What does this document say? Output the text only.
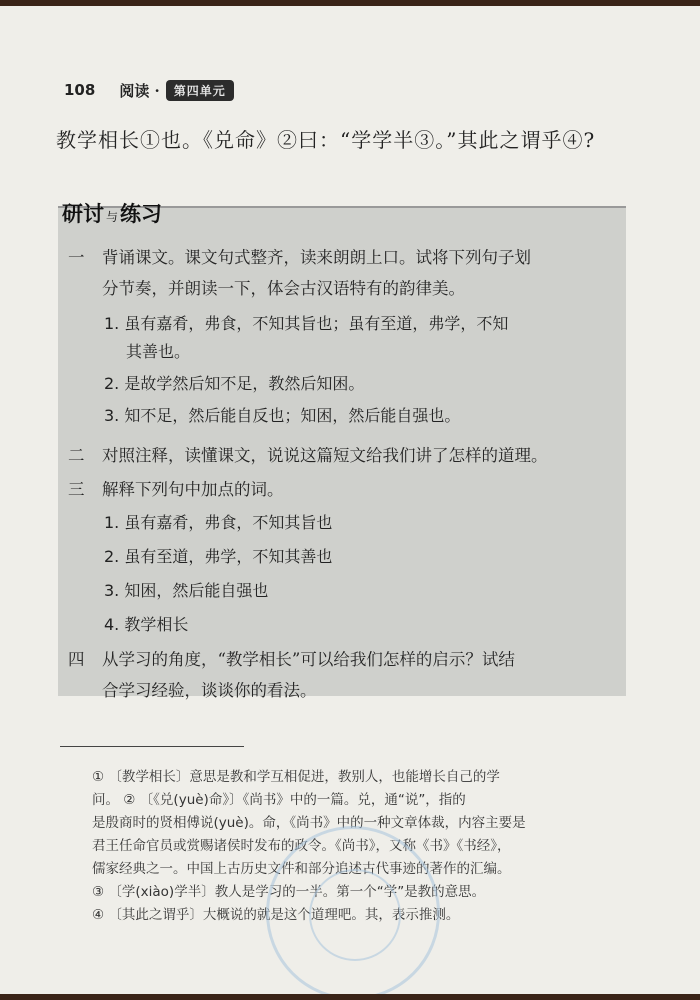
108 阅读 ·	第四单元
教学相长①也。《兑命》②曰：“学学半③。”其此之谓乎④?
研讨 与练习
一	背诵课文。课文句式整齐，读来朗朗上口。试将下列句子划
分节奏，并朗读一下，体会古汉语特有的韵律美。
1. 虽有嘉肴，弗食，不知其旨也；虽有至道，弗学，不知
其善也。
2. 是故学然后知不足，教然后知困。
3. 知不足，然后能自反也；知困，然后能自强也。
二	对照注释，读懂课文，说说这篇短文给我们讲了怎样的道理。
三	解释下列句中加点的词。
1. 虽有嘉肴，弗食，不知其旨也
2. 虽有至道，弗学，不知其善也
3. 知困，然后能自强也
4. 教学相长
四	从学习的角度，“教学相长”可以给我们怎样的启示？试结
合学习经验，谈谈你的看法。
① 〔教学相长〕意思是教和学互相促进，教别人，也能增长自己的学
问。 ② 〔《兑(yuè)命》〕《尚书》中的一篇。兑，通“说”，指的
是殷商时的贤相傅说(yuè)。命，《尚书》中的一种文章体裁，内容主要是
君王任命官员或赏赐诸侯时发布的政令。《尚书》，又称《书》《书经》，
儒家经典之一。中国上古历史文件和部分追述古代事迹的著作的汇编。
③ 〔学(xiào)学半〕教人是学习的一半。第一个“学”是教的意思。
④ 〔其此之谓乎〕大概说的就是这个道理吧。其，表示推测。
